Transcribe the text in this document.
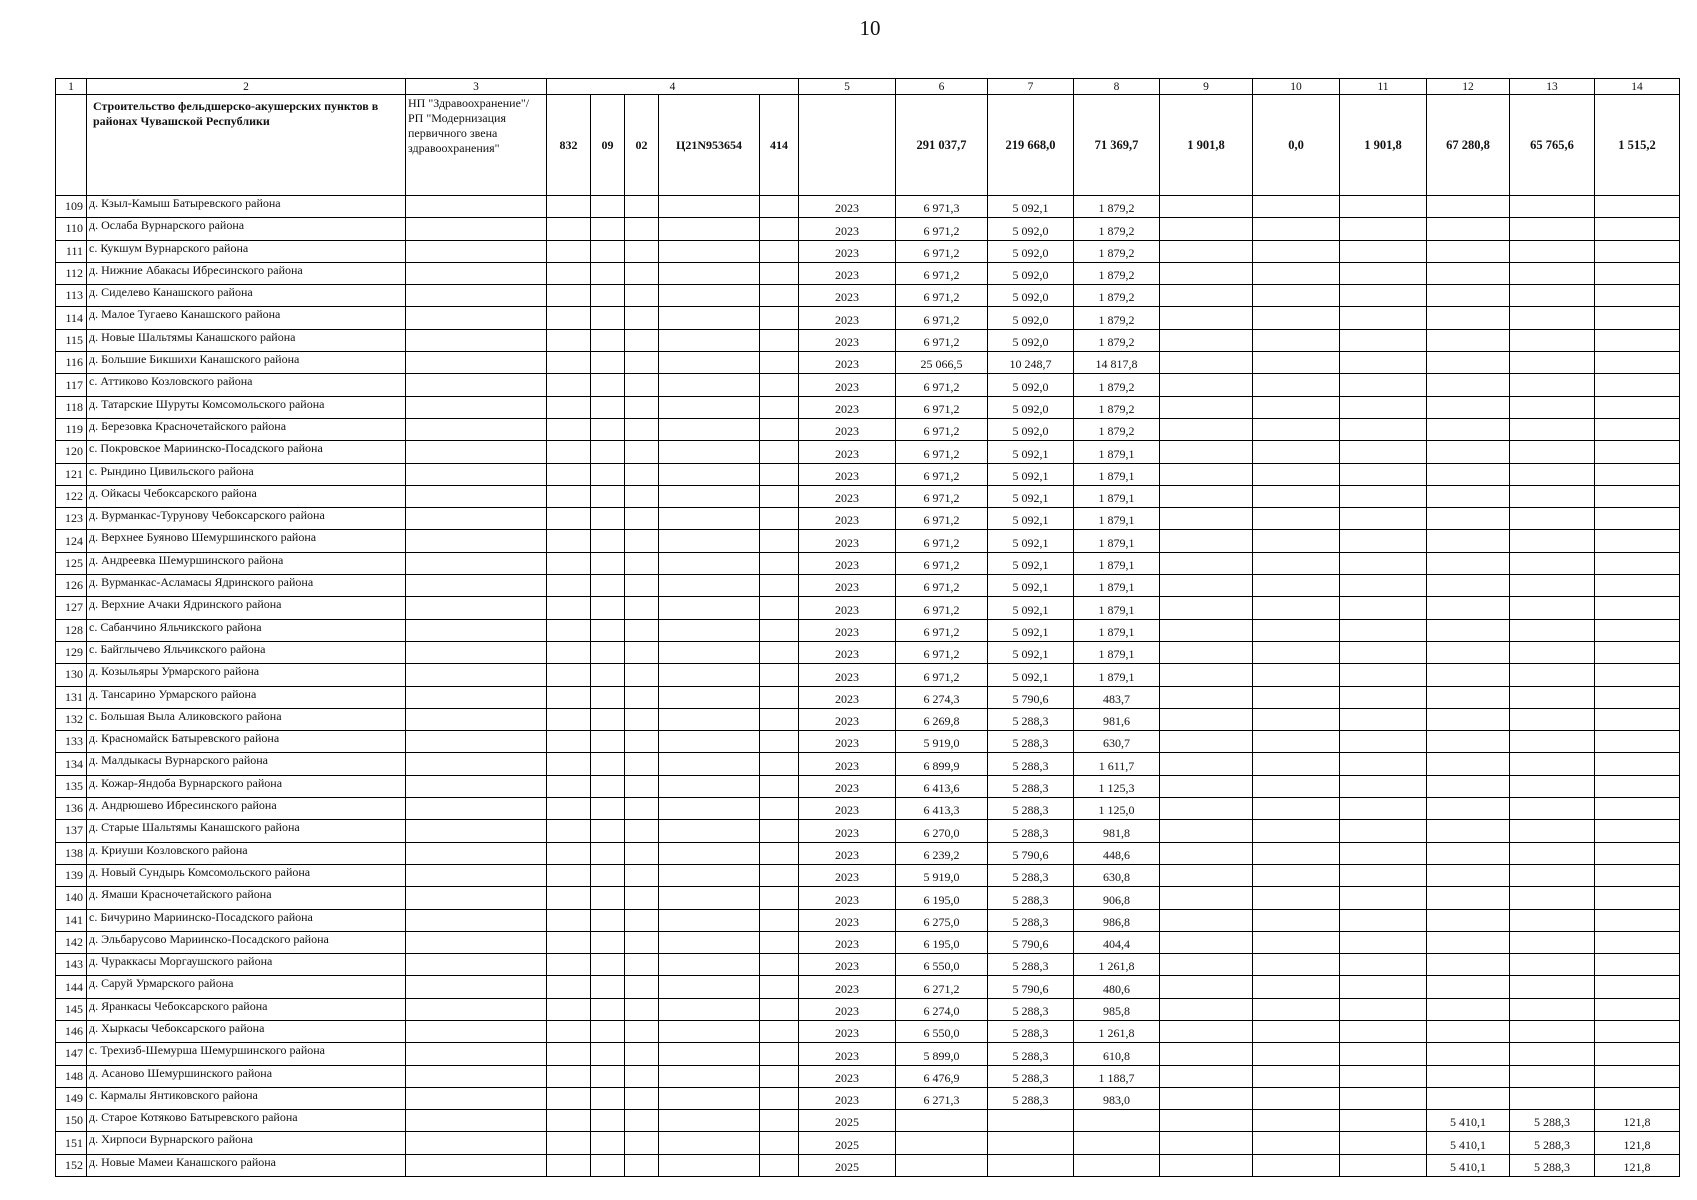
10
1	2	3	4					5	6	7	8	9	10	11	12	13	14
	Строительство фельдшерско-акушерских пунктов в районах Чувашской Республики	НП "Здравоохранение"/ РП "Модернизация первичного звена здравоохранения"	832	09	02	Ц21N953654	414		291 037,7	219 668,0	71 369,7	1 901,8	0,0	1 901,8	67 280,8	65 765,6	1 515,2
109	д. Кзыл-Камыш Батыревского района							2023	6 971,3	5 092,1	1 879,2						
110	д. Ослаба Вурнарского района							2023	6 971,2	5 092,0	1 879,2						
111	с. Кукшум Вурнарского района							2023	6 971,2	5 092,0	1 879,2						
112	д. Нижние Абакасы Ибресинского района							2023	6 971,2	5 092,0	1 879,2						
113	д. Сиделево Канашского района							2023	6 971,2	5 092,0	1 879,2						
114	д. Малое Тугаево Канашского района							2023	6 971,2	5 092,0	1 879,2						
115	д. Новые Шальтямы Канашского района							2023	6 971,2	5 092,0	1 879,2						
116	д. Большие Бикшихи Канашского района							2023	25 066,5	10 248,7	14 817,8						
117	с. Аттиково Козловского района							2023	6 971,2	5 092,0	1 879,2						
118	д. Татарские Шуруты Комсомольского района							2023	6 971,2	5 092,0	1 879,2						
119	д. Березовка Красночетайского района							2023	6 971,2	5 092,0	1 879,2						
120	с. Покровское Мариинско-Посадского района							2023	6 971,2	5 092,1	1 879,1						
121	с. Рындино Цивильского района							2023	6 971,2	5 092,1	1 879,1						
122	д. Ойкасы Чебоксарского района							2023	6 971,2	5 092,1	1 879,1						
123	д. Вурманкас-Турунову Чебоксарского района							2023	6 971,2	5 092,1	1 879,1						
124	д. Верхнее Буяново Шемуршинского района							2023	6 971,2	5 092,1	1 879,1						
125	д. Андреевка Шемуршинского района							2023	6 971,2	5 092,1	1 879,1						
126	д. Вурманкас-Асламасы Ядринского района							2023	6 971,2	5 092,1	1 879,1						
127	д. Верхние Ачаки Ядринского района							2023	6 971,2	5 092,1	1 879,1						
128	с. Сабанчино Яльчикского района							2023	6 971,2	5 092,1	1 879,1						
129	с. Байглычево Яльчикского района							2023	6 971,2	5 092,1	1 879,1						
130	д. Козыльяры Урмарского района							2023	6 971,2	5 092,1	1 879,1						
131	д. Тансарино Урмарского района							2023	6 274,3	5 790,6	483,7						
132	с. Большая Выла Аликовского района							2023	6 269,8	5 288,3	981,6						
133	д. Красномайск Батыревского района							2023	5 919,0	5 288,3	630,7						
134	д. Малдыкасы Вурнарского района							2023	6 899,9	5 288,3	1 611,7						
135	д. Кожар-Яндоба Вурнарского района							2023	6 413,6	5 288,3	1 125,3						
136	д. Андрюшево Ибресинского района							2023	6 413,3	5 288,3	1 125,0						
137	д. Старые Шальтямы Канашского района							2023	6 270,0	5 288,3	981,8						
138	д. Криуши Козловского района							2023	6 239,2	5 790,6	448,6						
139	д. Новый Сундырь Комсомольского района							2023	5 919,0	5 288,3	630,8						
140	д. Ямаши Красночетайского района							2023	6 195,0	5 288,3	906,8						
141	с. Бичурино Мариинско-Посадского района							2023	6 275,0	5 288,3	986,8						
142	д. Эльбарусово Мариинско-Посадского района							2023	6 195,0	5 790,6	404,4						
143	д. Чураккасы Моргаушского района							2023	6 550,0	5 288,3	1 261,8						
144	д. Саруй Урмарского района							2023	6 271,2	5 790,6	480,6						
145	д. Яранкасы Чебоксарского района							2023	6 274,0	5 288,3	985,8						
146	д. Хыркасы Чебоксарского района							2023	6 550,0	5 288,3	1 261,8						
147	с. Трехизб-Шемурша Шемуршинского района							2023	5 899,0	5 288,3	610,8						
148	д. Асаново Шемуршинского района							2023	6 476,9	5 288,3	1 188,7						
149	с. Кармалы Янтиковского района							2023	6 271,3	5 288,3	983,0						
150	д. Старое Котяково Батыревского района							2025							5 410,1	5 288,3	121,8
151	д. Хирпоси Вурнарского района							2025							5 410,1	5 288,3	121,8
152	д. Новые Мамеи Канашского района							2025							5 410,1	5 288,3	121,8
